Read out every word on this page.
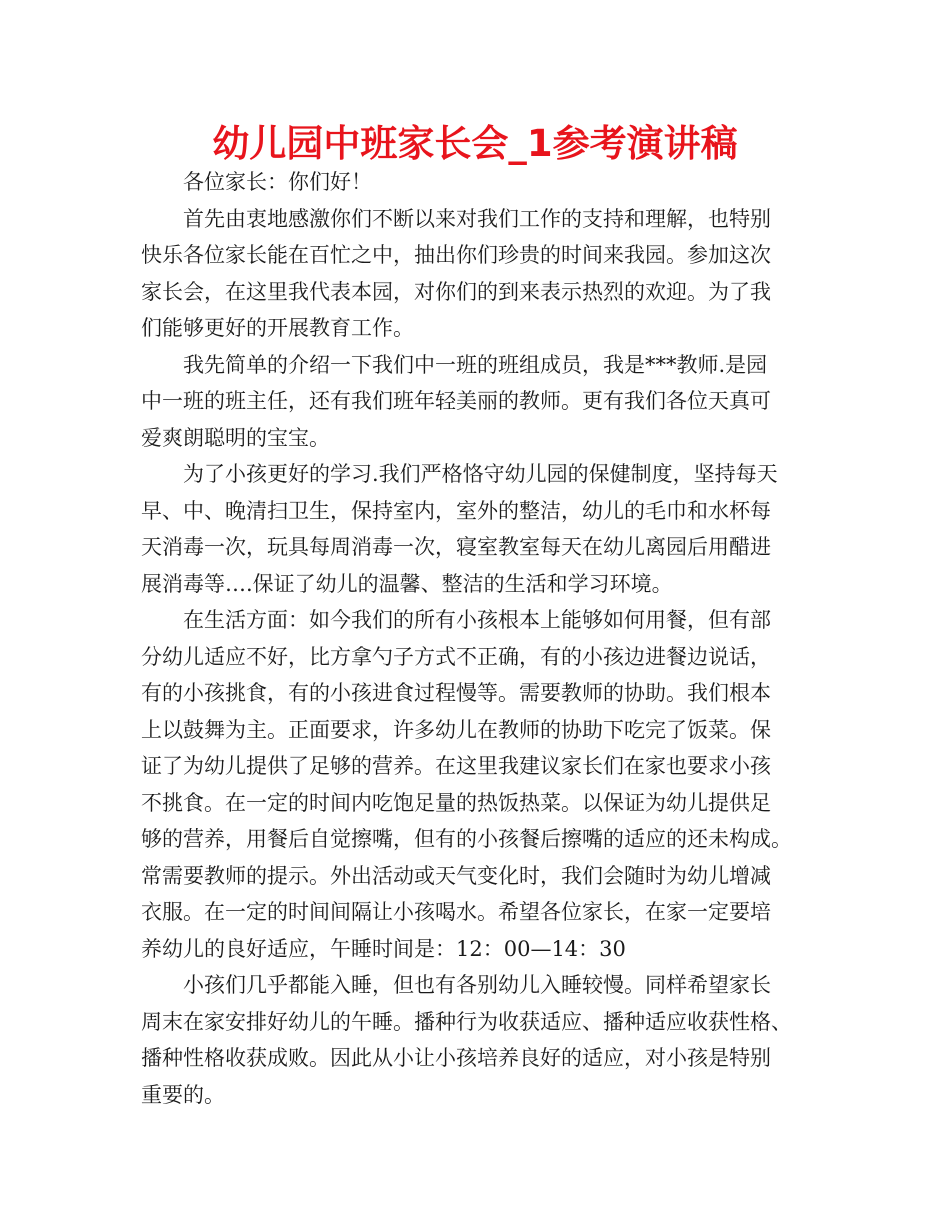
幼儿园中班家长会_1参考演讲稿
各位家长：你们好！
首先由衷地感激你们不断以来对我们工作的支持和理解，也特别
快乐各位家长能在百忙之中，抽出你们珍贵的时间来我园。参加这次
家长会，在这里我代表本园，对你们的到来表示热烈的欢迎。为了我
们能够更好的开展教育工作。
我先简单的介绍一下我们中一班的班组成员，我是***教师.是园
中一班的班主任，还有我们班年轻美丽的教师。更有我们各位天真可
爱爽朗聪明的宝宝。
为了小孩更好的学习.我们严格恪守幼儿园的保健制度，坚持每天
早、中、晚清扫卫生，保持室内，室外的整洁，幼儿的毛巾和水杯每
天消毒一次，玩具每周消毒一次，寝室教室每天在幼儿离园后用醋进
展消毒等….保证了幼儿的温馨、整洁的生活和学习环境。
在生活方面：如今我们的所有小孩根本上能够如何用餐，但有部
分幼儿适应不好，比方拿勺子方式不正确，有的小孩边进餐边说话，
有的小孩挑食，有的小孩进食过程慢等。需要教师的协助。我们根本
上以鼓舞为主。正面要求，许多幼儿在教师的协助下吃完了饭菜。保
证了为幼儿提供了足够的营养。在这里我建议家长们在家也要求小孩
不挑食。在一定的时间内吃饱足量的热饭热菜。以保证为幼儿提供足
够的营养，用餐后自觉擦嘴，但有的小孩餐后擦嘴的适应的还未构成。
常需要教师的提示。外出活动或天气变化时，我们会随时为幼儿增减
衣服。在一定的时间间隔让小孩喝水。希望各位家长，在家一定要培
养幼儿的良好适应，午睡时间是：12：00—14：30
小孩们几乎都能入睡，但也有各别幼儿入睡较慢。同样希望家长
周末在家安排好幼儿的午睡。播种行为收获适应、播种适应收获性格、
播种性格收获成败。因此从小让小孩培养良好的适应，对小孩是特别
重要的。
